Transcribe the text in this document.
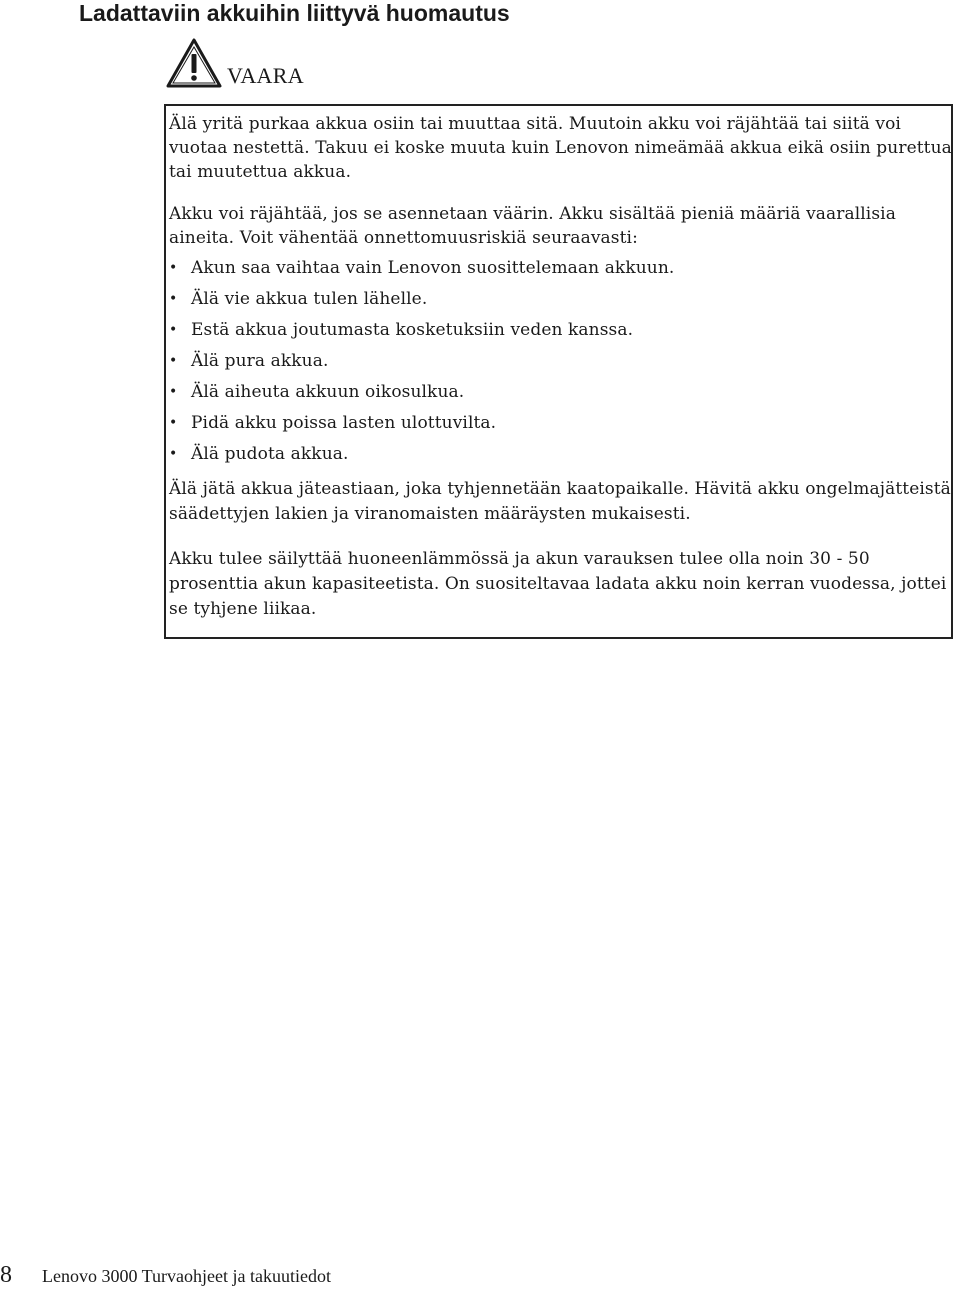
Ladattaviin akkuihin liittyvä huomautus
VAARA

Älä yritä purkaa akkua osiin tai muuttaa sitä. Muutoin akku voi räjähtää tai siitä voi vuotaa nestettä. Takuu ei koske muuta kuin Lenovon nimeämää akkua eikä osiin purettua tai muutettua akkua.

Akku voi räjähtää, jos se asennetaan väärin. Akku sisältää pieniä määriä vaarallisia aineita. Voit vähentää onnettomuusriskiä seuraavasti:

• Akun saa vaihtaa vain Lenovon suosittelemaan akkuun.
• Älä vie akkua tulen lähelle.
• Estä akkua joutumasta kosketuksiin veden kanssa.
• Älä pura akkua.
• Älä aiheuta akkuun oikosulkua.
• Pidä akku poissa lasten ulottuvilta.
• Älä pudota akkua.

Älä jätä akkua jäteastiaan, joka tyhjennetään kaatopaikalle. Hävitä akku ongelmajätteistä säädettyjen lakien ja viranomaisten määräysten mukaisesti.

Akku tulee säilyttää huoneenlämmössä ja akun varauksen tulee olla noin 30 - 50 prosenttia akun kapasiteetista. On suositeltavaa ladata akku noin kerran vuodessa, jottei se tyhjene liikaa.

8	Lenovo 3000 Turvaohjeet ja takuutiedot
